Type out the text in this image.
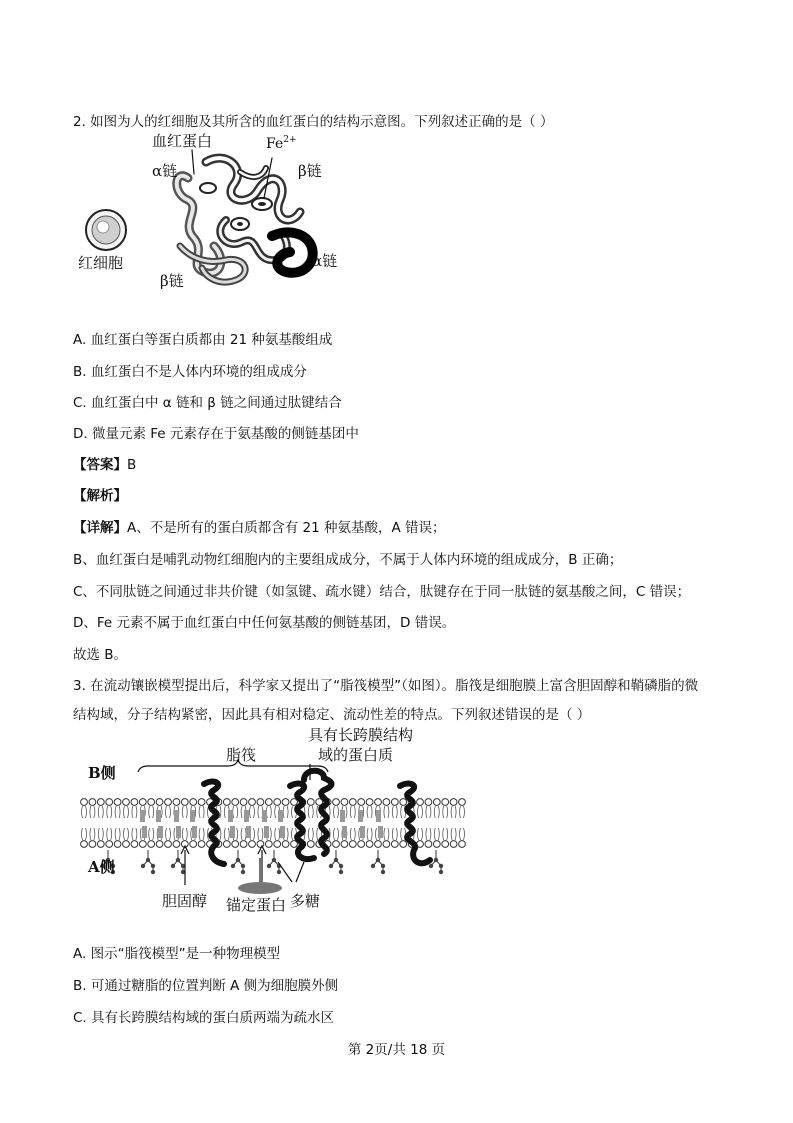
2. 如图为人的红细胞及其所含的血红蛋白的结构示意图。下列叙述正确的是（ ）
血红蛋白	$Fe^{2+}$
α链	β链
α链
β链
红细胞
A. 血红蛋白等蛋白质都由 21 种氨基酸组成
B. 血红蛋白不是人体内环境的组成成分
C. 血红蛋白中 α 链和 β 链之间通过肽键结合
D. 微量元素 Fe 元素存在于氨基酸的侧链基团中
【答案】B
【解析】
【详解】A、不是所有的蛋白质都含有 21 种氨基酸，A 错误；
B、血红蛋白是哺乳动物红细胞内的主要组成成分，不属于人体内环境的组成成分，B 正确；
C、不同肽链之间通过非共价键（如氢键、疏水键）结合，肽键存在于同一肽链的氨基酸之间，C 错误；
D、Fe 元素不属于血红蛋白中任何氨基酸的侧链基团，D 错误。
故选 B。
3. 在流动镶嵌模型提出后，科学家又提出了“脂筏模型”（如图）。脂筏是细胞膜上富含胆固醇和鞘磷脂的微
结构域，分子结构紧密，因此具有相对稳定、流动性差的特点。下列叙述错误的是（ ）
具有长跨膜结构
域的蛋白质
脂筏
B侧
A侧
胆固醇 锚定蛋白 多糖
A. 图示“脂筏模型”是一种物理模型
B. 可通过糖脂的位置判断 A 侧为细胞膜外侧
C. 具有长跨膜结构域的蛋白质两端为疏水区
第 2页/共 18 页
